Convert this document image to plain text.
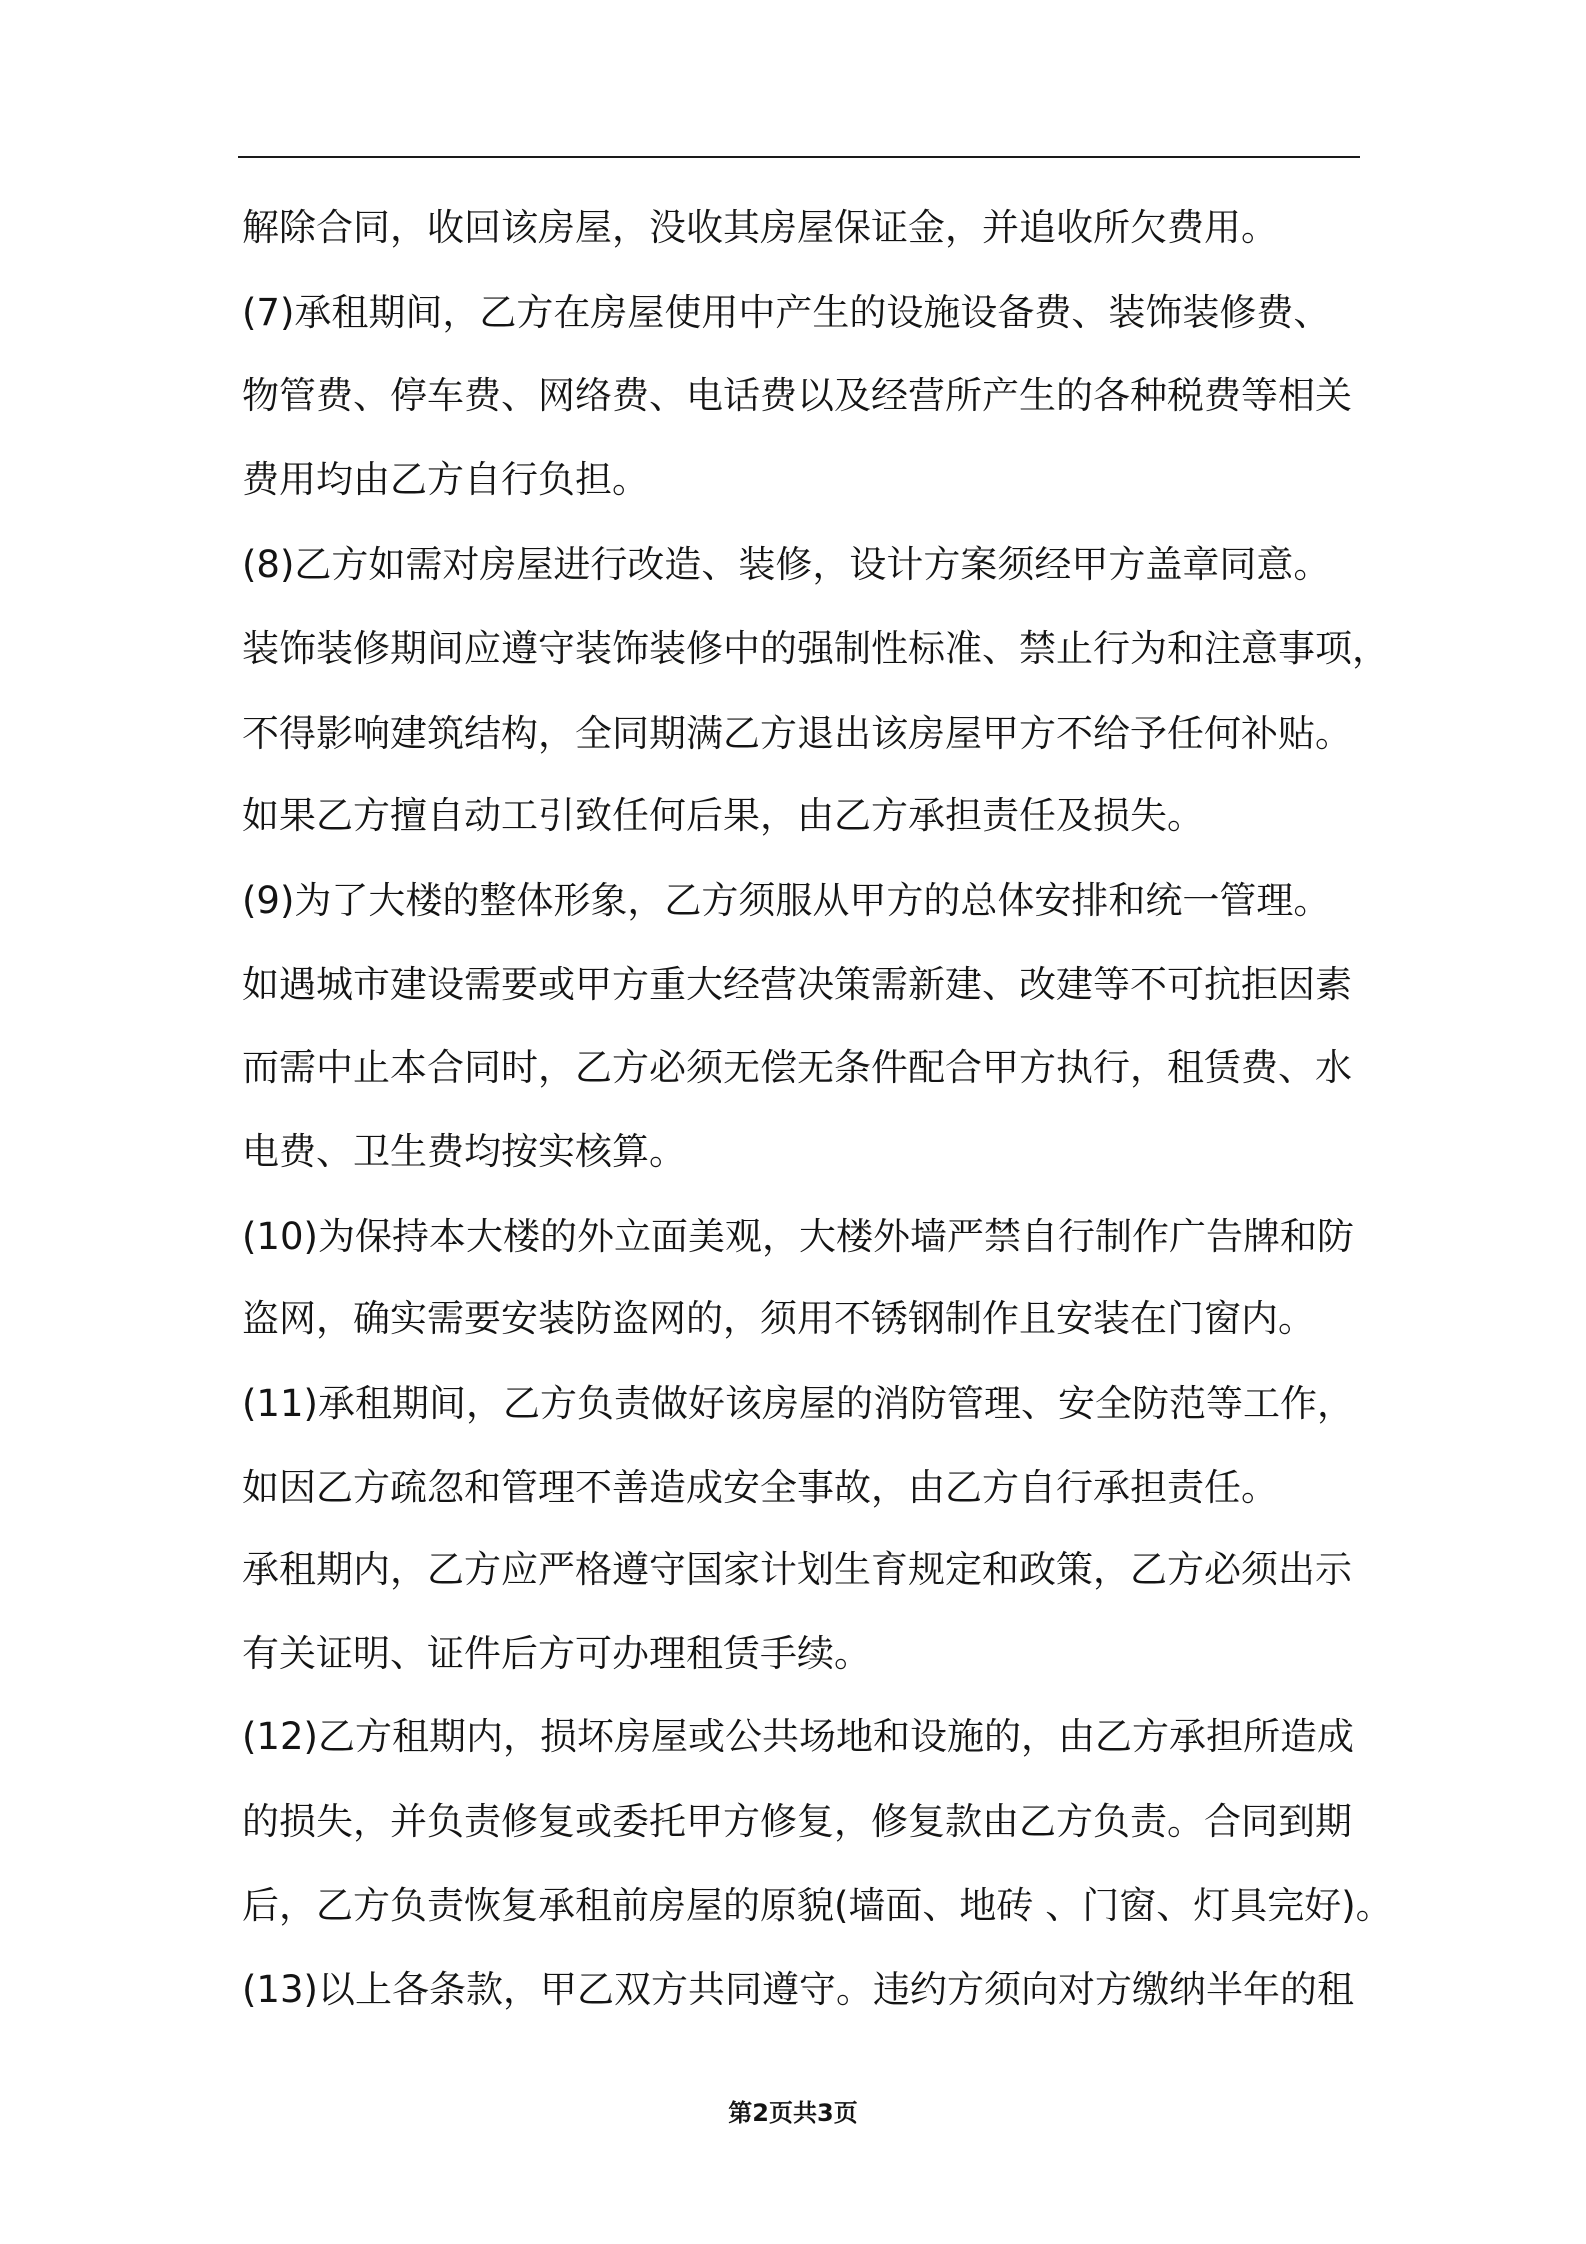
解除合同，收回该房屋，没收其房屋保证金，并追收所欠费用。
(7)承租期间，乙方在房屋使用中产生的设施设备费、装饰装修费、
物管费、停车费、网络费、电话费以及经营所产生的各种税费等相关
费用均由乙方自行负担。
(8)乙方如需对房屋进行改造、装修，设计方案须经甲方盖章同意。
装饰装修期间应遵守装饰装修中的强制性标准、禁止行为和注意事项，
不得影响建筑结构，全同期满乙方退出该房屋甲方不给予任何补贴。
如果乙方擅自动工引致任何后果，由乙方承担责任及损失。
(9)为了大楼的整体形象，乙方须服从甲方的总体安排和统一管理。
如遇城市建设需要或甲方重大经营决策需新建、改建等不可抗拒因素
而需中止本合同时，乙方必须无偿无条件配合甲方执行，租赁费、水
电费、卫生费均按实核算。
(10)为保持本大楼的外立面美观，大楼外墙严禁自行制作广告牌和防
盗网，确实需要安装防盗网的，须用不锈钢制作且安装在门窗内。
(11)承租期间，乙方负责做好该房屋的消防管理、安全防范等工作，
如因乙方疏忽和管理不善造成安全事故，由乙方自行承担责任。
承租期内，乙方应严格遵守国家计划生育规定和政策，乙方必须出示
有关证明、证件后方可办理租赁手续。
(12)乙方租期内，损坏房屋或公共场地和设施的，由乙方承担所造成
的损失，并负责修复或委托甲方修复，修复款由乙方负责。合同到期
后，乙方负责恢复承租前房屋的原貌(墙面、地砖 、门窗、灯具完好)。
(13)以上各条款，甲乙双方共同遵守。违约方须向对方缴纳半年的租
第2页共3页
